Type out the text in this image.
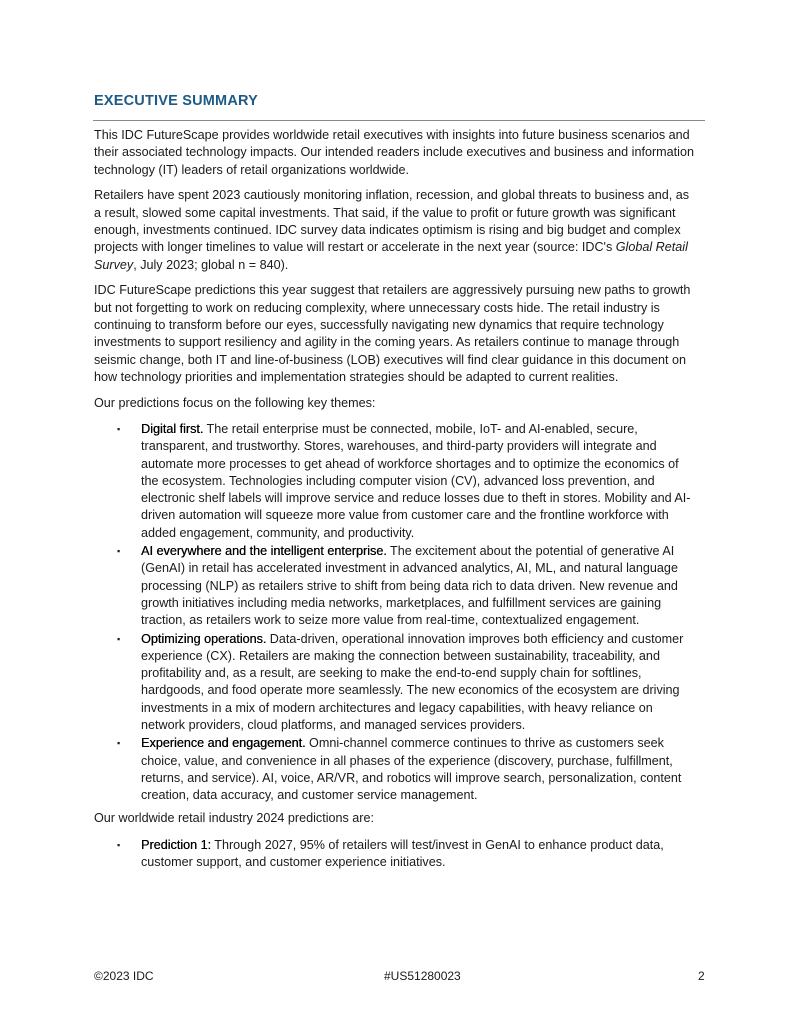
EXECUTIVE SUMMARY

This IDC FutureScape provides worldwide retail executives with insights into future business scenarios and their associated technology impacts. Our intended readers include executives and business and information technology (IT) leaders of retail organizations worldwide.

Retailers have spent 2023 cautiously monitoring inflation, recession, and global threats to business and, as a result, slowed some capital investments. That said, if the value to profit or future growth was significant enough, investments continued. IDC survey data indicates optimism is rising and big budget and complex projects with longer timelines to value will restart or accelerate in the next year (source: IDC's Global Retail Survey, July 2023; global n = 840).

IDC FutureScape predictions this year suggest that retailers are aggressively pursuing new paths to growth but not forgetting to work on reducing complexity, where unnecessary costs hide. The retail industry is continuing to transform before our eyes, successfully navigating new dynamics that require technology investments to support resiliency and agility in the coming years. As retailers continue to manage through seismic change, both IT and line-of-business (LOB) executives will find clear guidance in this document on how technology priorities and implementation strategies should be adapted to current realities.

Our predictions focus on the following key themes:

▪ Digital first. The retail enterprise must be connected, mobile, IoT- and AI-enabled, secure, transparent, and trustworthy. Stores, warehouses, and third-party providers will integrate and automate more processes to get ahead of workforce shortages and to optimize the economics of the ecosystem. Technologies including computer vision (CV), advanced loss prevention, and electronic shelf labels will improve service and reduce losses due to theft in stores. Mobility and AI-driven automation will squeeze more value from customer care and the frontline workforce with added engagement, community, and productivity.
▪ AI everywhere and the intelligent enterprise. The excitement about the potential of generative AI (GenAI) in retail has accelerated investment in advanced analytics, AI, ML, and natural language processing (NLP) as retailers strive to shift from being data rich to data driven. New revenue and growth initiatives including media networks, marketplaces, and fulfillment services are gaining traction, as retailers work to seize more value from real-time, contextualized engagement.
▪ Optimizing operations. Data-driven, operational innovation improves both efficiency and customer experience (CX). Retailers are making the connection between sustainability, traceability, and profitability and, as a result, are seeking to make the end-to-end supply chain for softlines, hardgoods, and food operate more seamlessly. The new economics of the ecosystem are driving investments in a mix of modern architectures and legacy capabilities, with heavy reliance on network providers, cloud platforms, and managed services providers.
▪ Experience and engagement. Omni-channel commerce continues to thrive as customers seek choice, value, and convenience in all phases of the experience (discovery, purchase, fulfillment, returns, and service). AI, voice, AR/VR, and robotics will improve search, personalization, content creation, data accuracy, and customer service management.

Our worldwide retail industry 2024 predictions are:

▪ Prediction 1: Through 2027, 95% of retailers will test/invest in GenAI to enhance product data, customer support, and customer experience initiatives.
©2023 IDC	#US51280023	2
